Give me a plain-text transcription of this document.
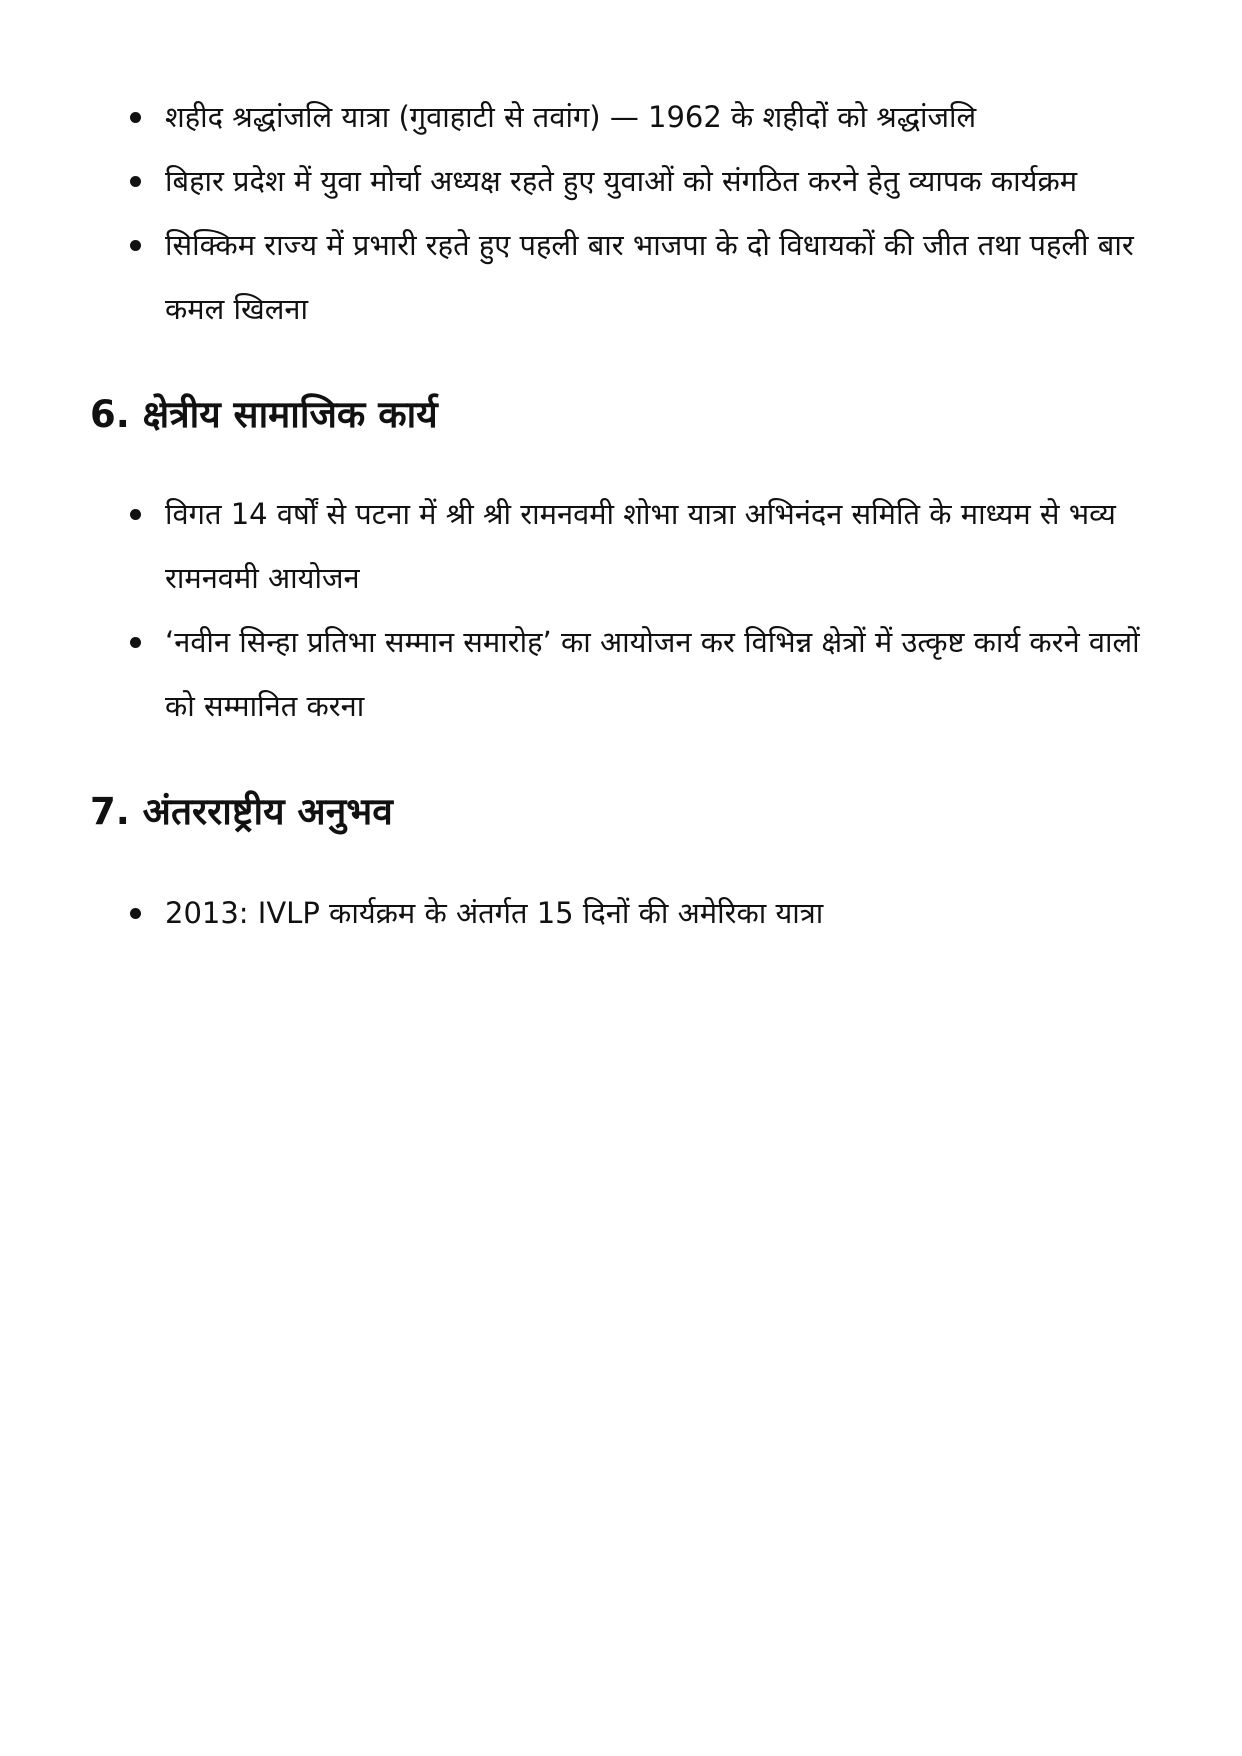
शहीद श्रद्धांजलि यात्रा (गुवाहाटी से तवांग) — 1962 के शहीदों को श्रद्धांजलि
बिहार प्रदेश में युवा मोर्चा अध्यक्ष रहते हुए युवाओं को संगठित करने हेतु व्यापक कार्यक्रम
सिक्किम राज्य में प्रभारी रहते हुए पहली बार भाजपा के दो विधायकों की जीत तथा पहली बार कमल खिलना
6. क्षेत्रीय सामाजिक कार्य
विगत 14 वर्षों से पटना में श्री श्री रामनवमी शोभा यात्रा अभिनंदन समिति के माध्यम से भव्य रामनवमी आयोजन
‘नवीन सिन्हा प्रतिभा सम्मान समारोह’ का आयोजन कर विभिन्न क्षेत्रों में उत्कृष्ट कार्य करने वालों को सम्मानित करना
7. अंतरराष्ट्रीय अनुभव
2013: IVLP कार्यक्रम के अंतर्गत 15 दिनों की अमेरिका यात्रा
